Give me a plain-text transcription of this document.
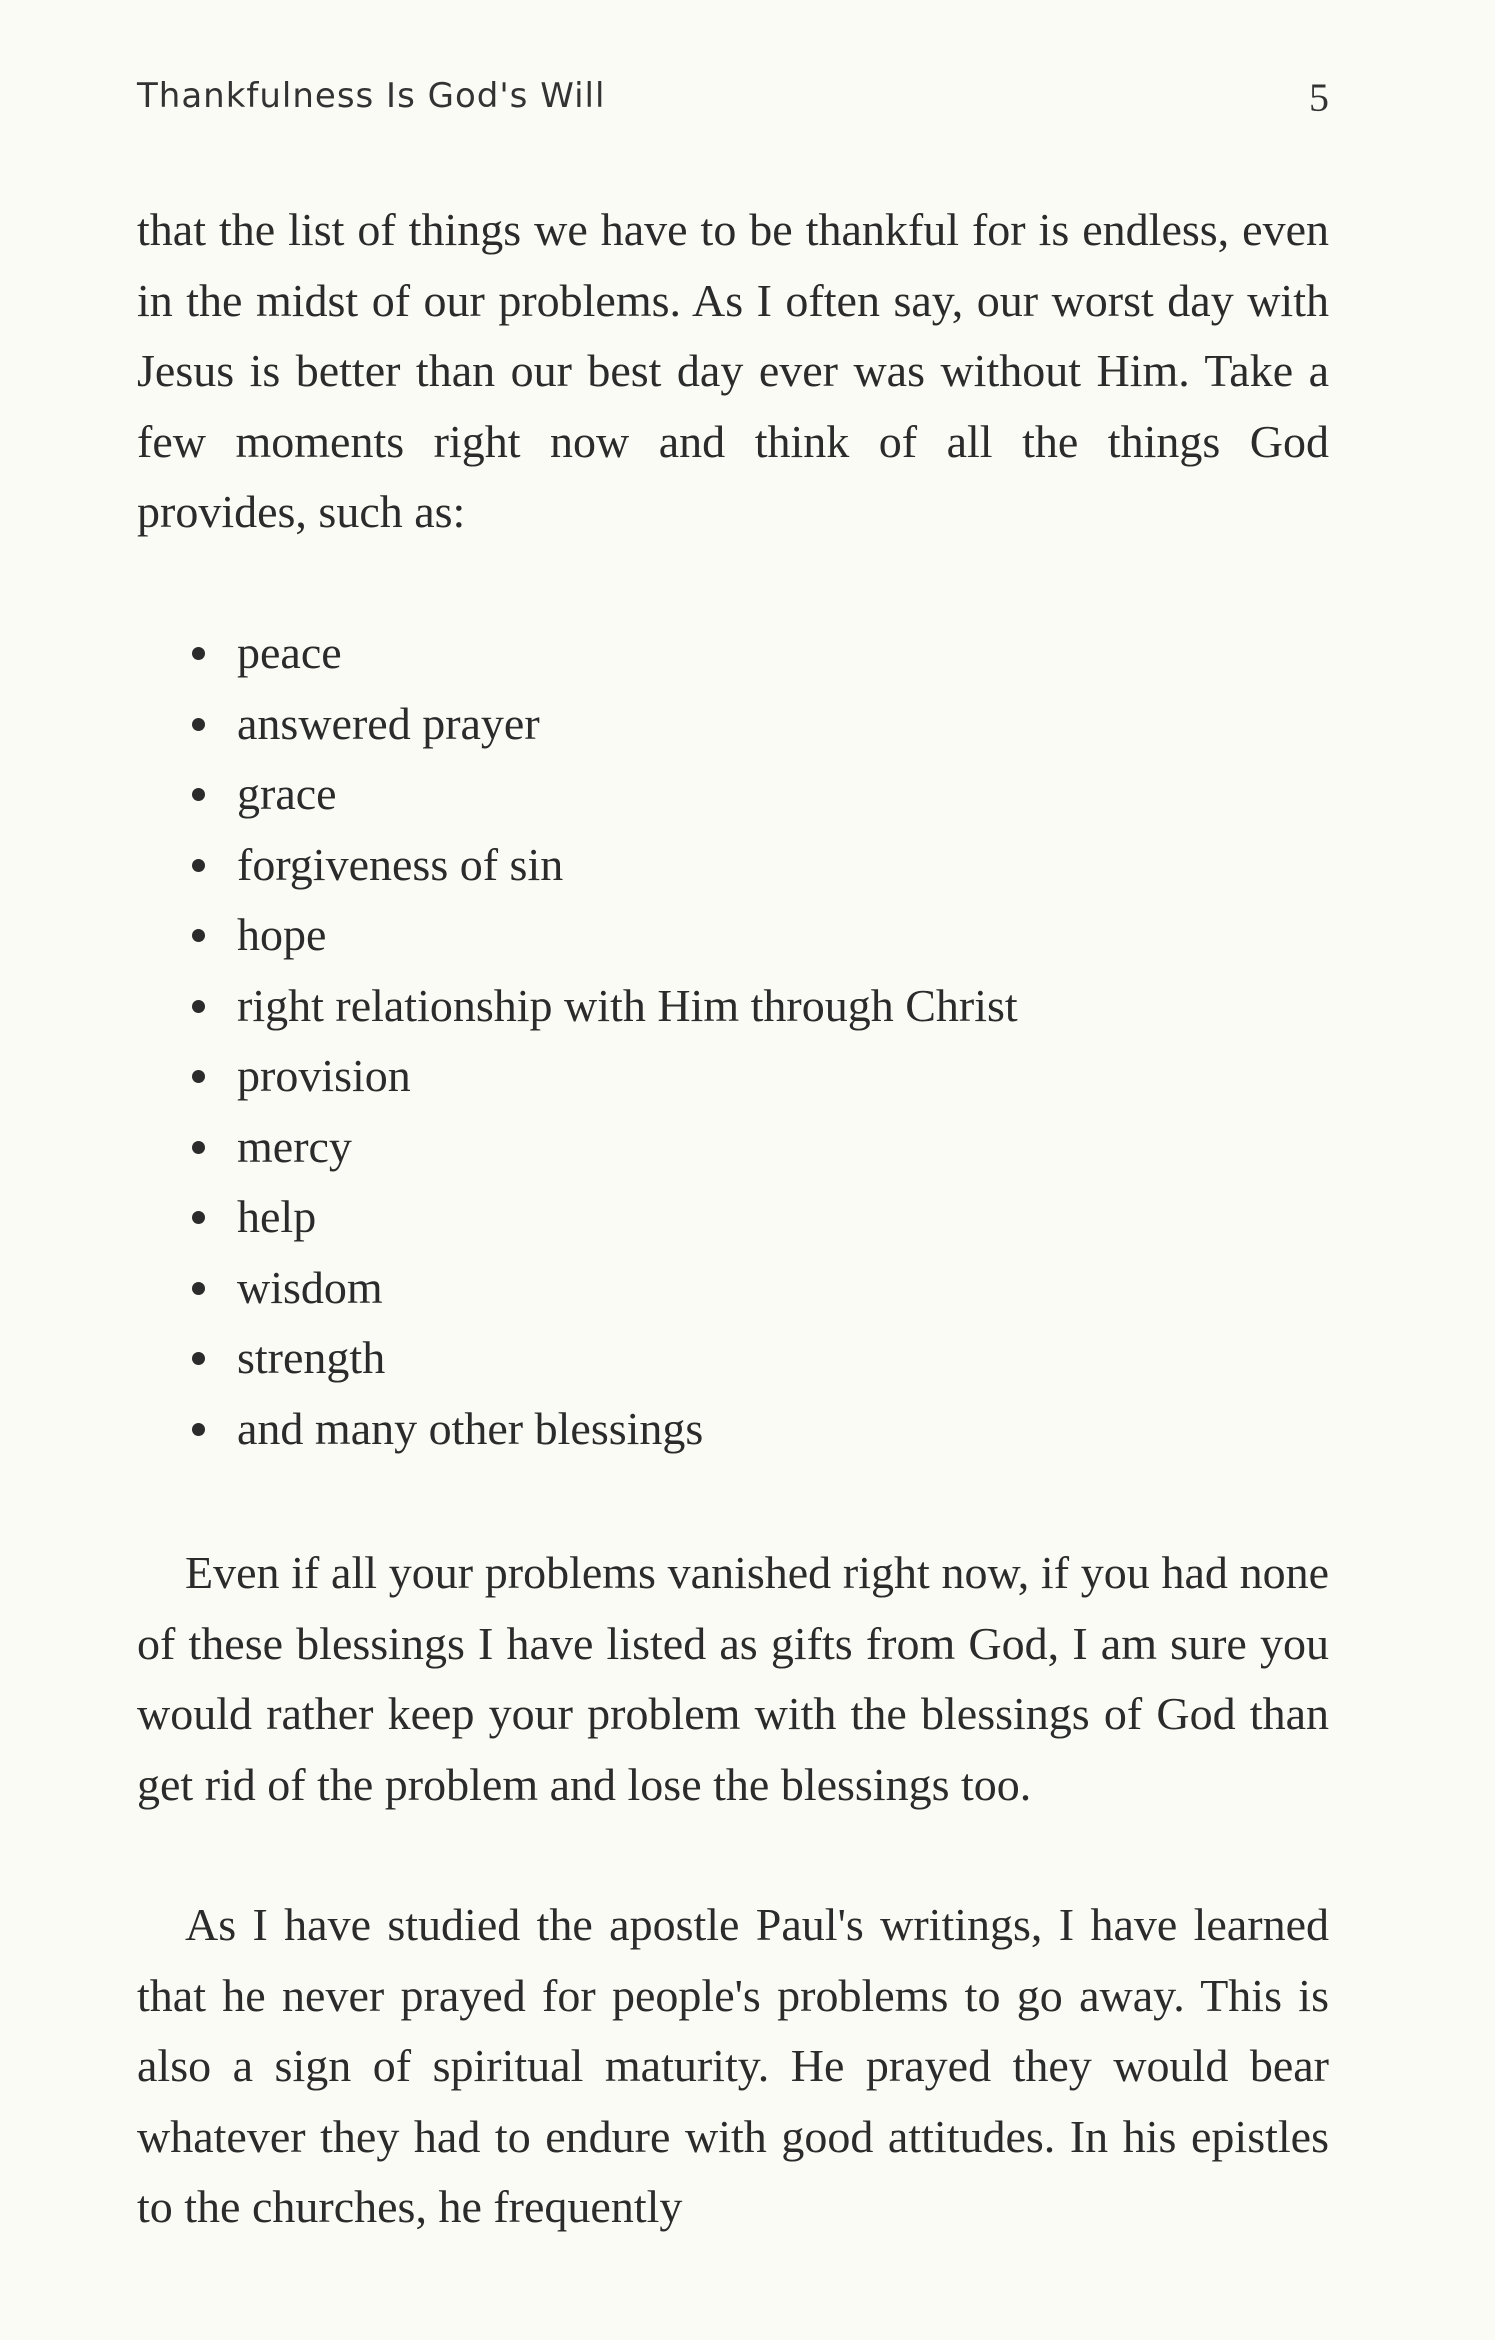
Thankfulness Is God's Will	5

that the list of things we have to be thankful for is endless, even in the midst of our problems. As I often say, our worst day with Jesus is better than our best day ever was without Him. Take a few moments right now and think of all the things God provides, such as:

peace
answered prayer
grace
forgiveness of sin
hope
right relationship with Him through Christ
provision
mercy
help
wisdom
strength
and many other blessings

Even if all your problems vanished right now, if you had none of these blessings I have listed as gifts from God, I am sure you would rather keep your problem with the blessings of God than get rid of the problem and lose the blessings too.

As I have studied the apostle Paul's writings, I have learned that he never prayed for people's problems to go away. This is also a sign of spiritual maturity. He prayed they would bear whatever they had to endure with good attitudes. In his epistles to the churches, he frequently
